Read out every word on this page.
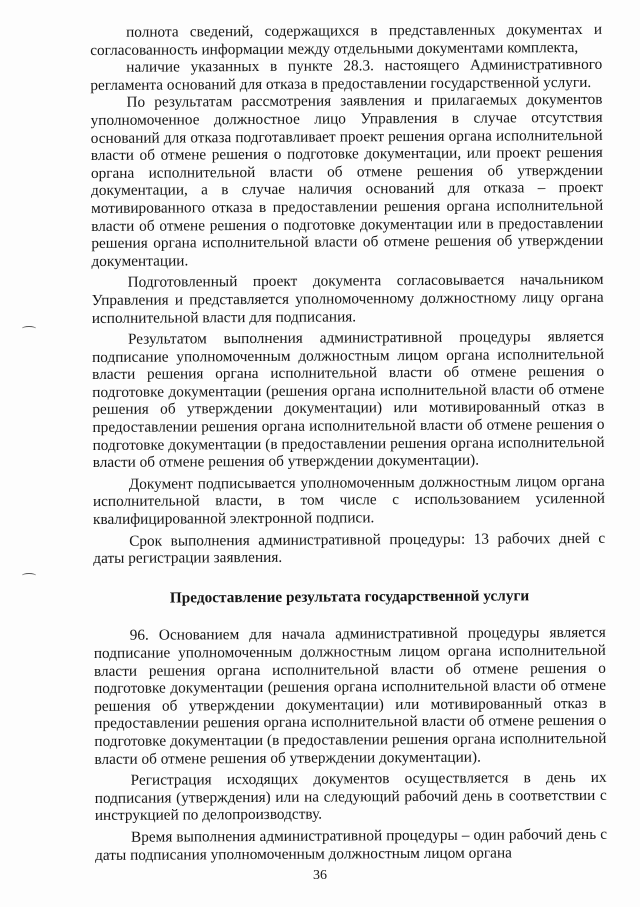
полнота сведений, содержащихся в представленных документах и согласованность информации между отдельными документами комплекта,

наличие указанных в пункте 28.3. настоящего Административного регламента оснований для отказа в предоставлении государственной услуги.

По результатам рассмотрения заявления и прилагаемых документов уполномоченное должностное лицо Управления в случае отсутствия оснований для отказа подготавливает проект решения органа исполнительной власти об отмене решения о подготовке документации, или проект решения органа исполнительной власти об отмене решения об утверждении документации, а в случае наличия оснований для отказа – проект мотивированного отказа в предоставлении решения органа исполнительной власти об отмене решения о подготовке документации или в предоставлении решения органа исполнительной власти об отмене решения об утверждении документации.

Подготовленный проект документа согласовывается начальником Управления и представляется уполномоченному должностному лицу органа исполнительной власти для подписания.

Результатом выполнения административной процедуры является подписание уполномоченным должностным лицом органа исполнительной власти решения органа исполнительной власти об отмене решения о подготовке документации (решения органа исполнительной власти об отмене решения об утверждении документации) или мотивированный отказ в предоставлении решения органа исполнительной власти об отмене решения о подготовке документации (в предоставлении решения органа исполнительной власти об отмене решения об утверждении документации).

Документ подписывается уполномоченным должностным лицом органа исполнительной власти, в том числе с использованием усиленной квалифицированной электронной подписи.

Срок выполнения административной процедуры: 13 рабочих дней с даты регистрации заявления.

Предоставление результата государственной услуги

96. Основанием для начала административной процедуры является подписание уполномоченным должностным лицом органа исполнительной власти решения органа исполнительной власти об отмене решения о подготовке документации (решения органа исполнительной власти об отмене решения об утверждении документации) или мотивированный отказ в предоставлении решения органа исполнительной власти об отмене решения о подготовке документации (в предоставлении решения органа исполнительной власти об отмене решения об утверждении документации).

Регистрация исходящих документов осуществляется в день их подписания (утверждения) или на следующий рабочий день в соответствии с инструкцией по делопроизводству.

Время выполнения административной процедуры – один рабочий день с даты подписания уполномоченным должностным лицом органа

36
